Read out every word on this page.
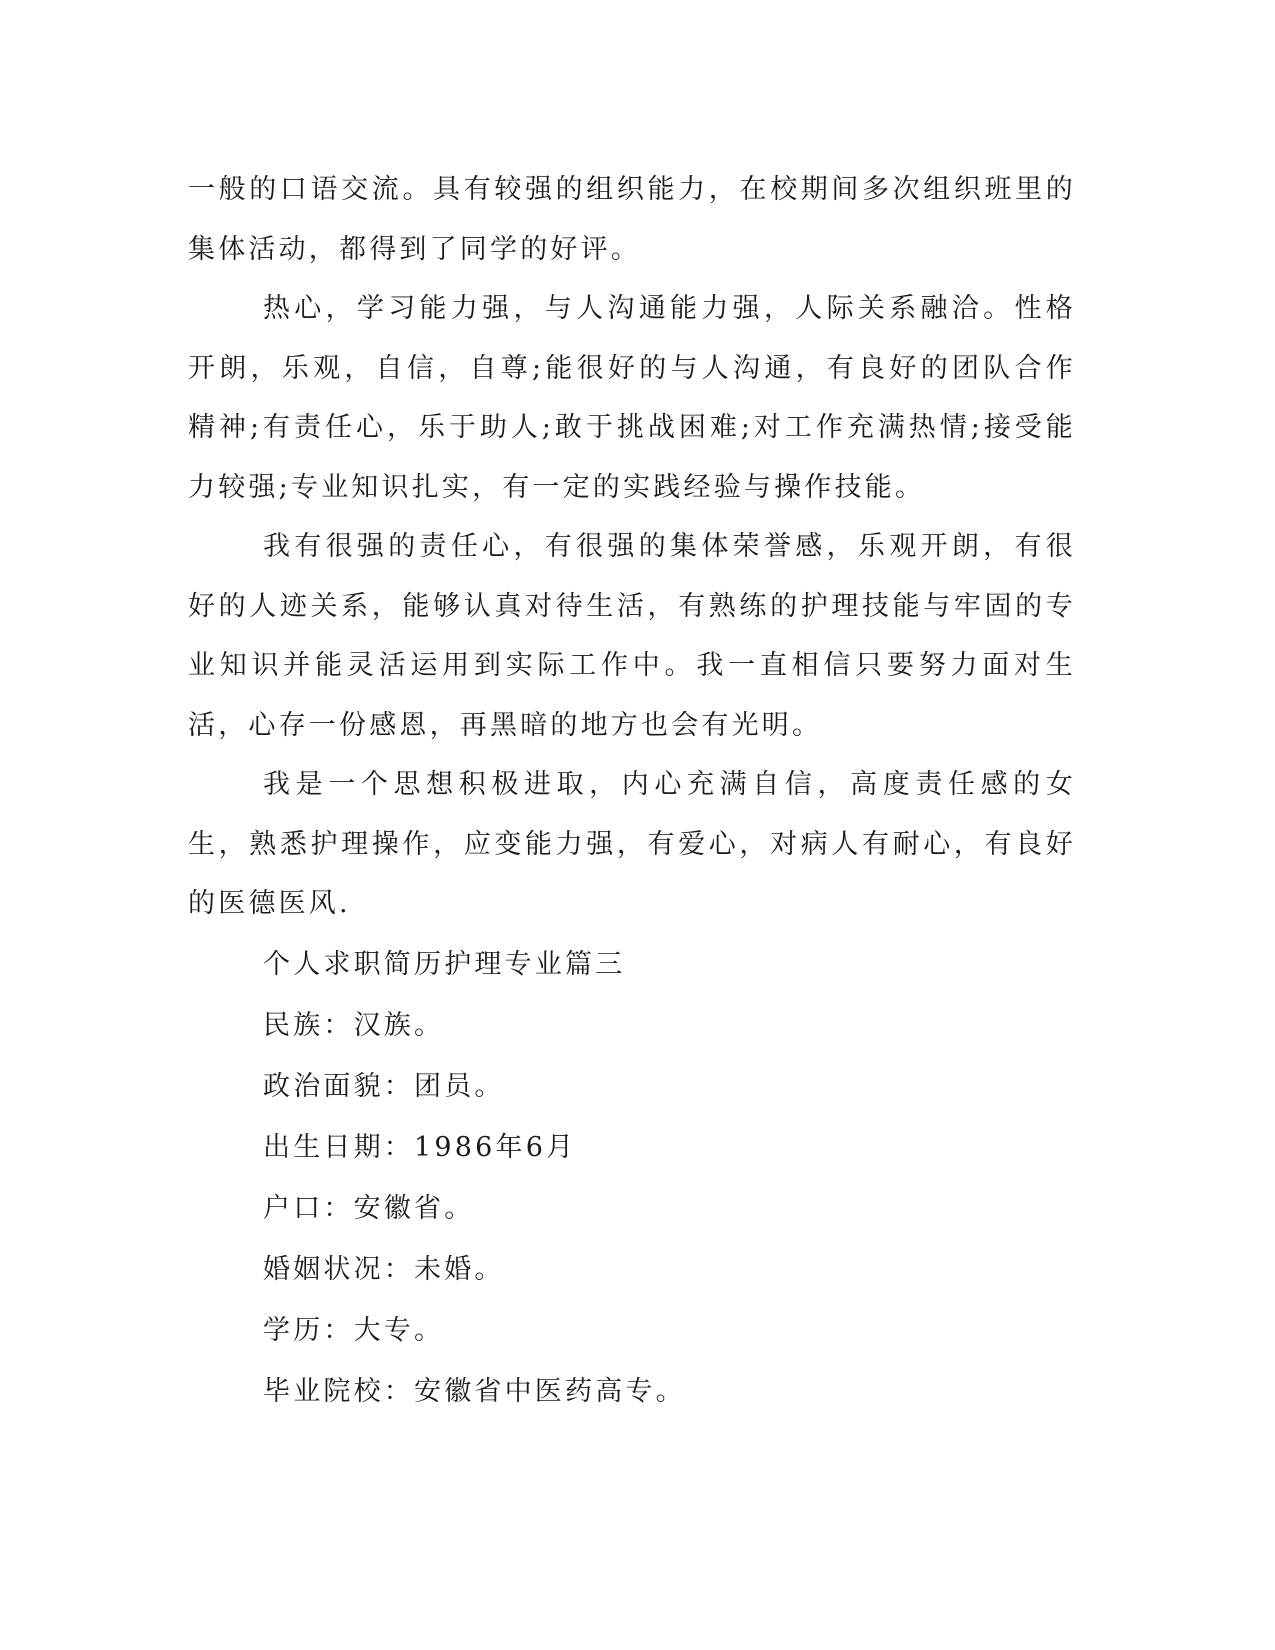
一般的口语交流。具有较强的组织能力，在校期间多次组织班里的集体活动，都得到了同学的好评。

热心，学习能力强，与人沟通能力强，人际关系融洽。性格开朗，乐观，自信，自尊;能很好的与人沟通，有良好的团队合作精神;有责任心，乐于助人;敢于挑战困难;对工作充满热情;接受能力较强;专业知识扎实，有一定的实践经验与操作技能。

我有很强的责任心，有很强的集体荣誉感，乐观开朗，有很好的人迹关系，能够认真对待生活，有熟练的护理技能与牢固的专业知识并能灵活运用到实际工作中。我一直相信只要努力面对生活，心存一份感恩，再黑暗的地方也会有光明。

我是一个思想积极进取，内心充满自信，高度责任感的女生，熟悉护理操作，应变能力强，有爱心，对病人有耐心，有良好的医德医风.

个人求职简历护理专业篇三

民族：汉族。

政治面貌：团员。

出生日期：1986年6月

户口：安徽省。

婚姻状况：未婚。

学历：大专。

毕业院校：安徽省中医药高专。
